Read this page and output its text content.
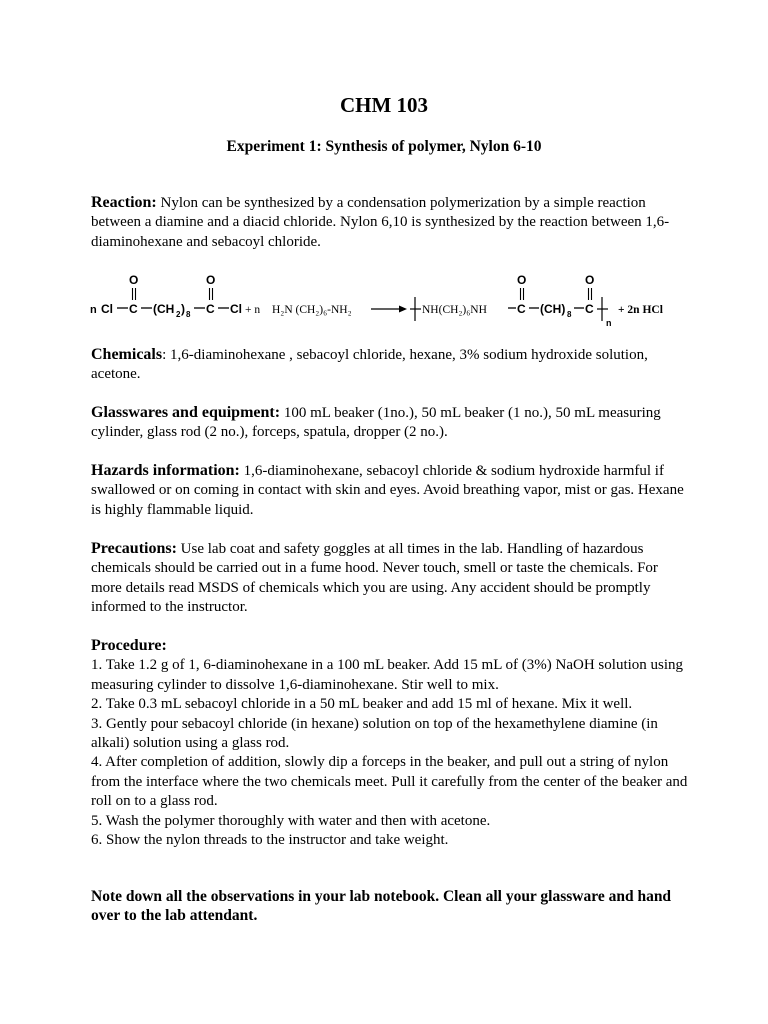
CHM 103
Experiment 1: Synthesis of polymer, Nylon 6-10

Reaction: Nylon can be synthesized by a condensation polymerization by a simple reaction between a diamine and a diacid chloride. Nylon 6,10 is synthesized by the reaction between 1,6-diaminohexane and sebacoyl chloride.

n Cl C
O
(CH 2 ) 8 C
O
Cl + n H₂N (CH₂)₆-NH₂	NH(CH₂)₆NH	C
O
(CH) 8 C
O
n
+ 2n HCl

Chemicals: 1,6-diaminohexane , sebacoyl chloride, hexane, 3% sodium hydroxide solution, acetone.

Glasswares and equipment: 100 mL beaker (1no.), 50 mL beaker (1 no.), 50 mL measuring cylinder, glass rod (2 no.), forceps, spatula, dropper (2 no.).

Hazards information: 1,6-diaminohexane, sebacoyl chloride & sodium hydroxide harmful if swallowed or on coming in contact with skin and eyes. Avoid breathing vapor, mist or gas. Hexane is highly flammable liquid.

Precautions: Use lab coat and safety goggles at all times in the lab. Handling of hazardous chemicals should be carried out in a fume hood. Never touch, smell or taste the chemicals. For more details read MSDS of chemicals which you are using. Any accident should be promptly informed to the instructor.

Procedure:

1. Take 1.2 g of 1, 6-diaminohexane in a 100 mL beaker. Add 15 mL of (3%) NaOH solution using measuring cylinder to dissolve 1,6-diaminohexane. Stir well to mix.
2. Take 0.3 mL sebacoyl chloride in a 50 mL beaker and add 15 ml of hexane. Mix it well.
3. Gently pour sebacoyl chloride (in hexane) solution on top of the hexamethylene diamine (in alkali) solution using a glass rod.
4. After completion of addition, slowly dip a forceps in the beaker, and pull out a string of nylon from the interface where the two chemicals meet. Pull it carefully from the center of the beaker and roll on to a glass rod.
5. Wash the polymer thoroughly with water and then with acetone.
6. Show the nylon threads to the instructor and take weight.
Note down all the observations in your lab notebook. Clean all your glassware and hand over to the lab attendant.
